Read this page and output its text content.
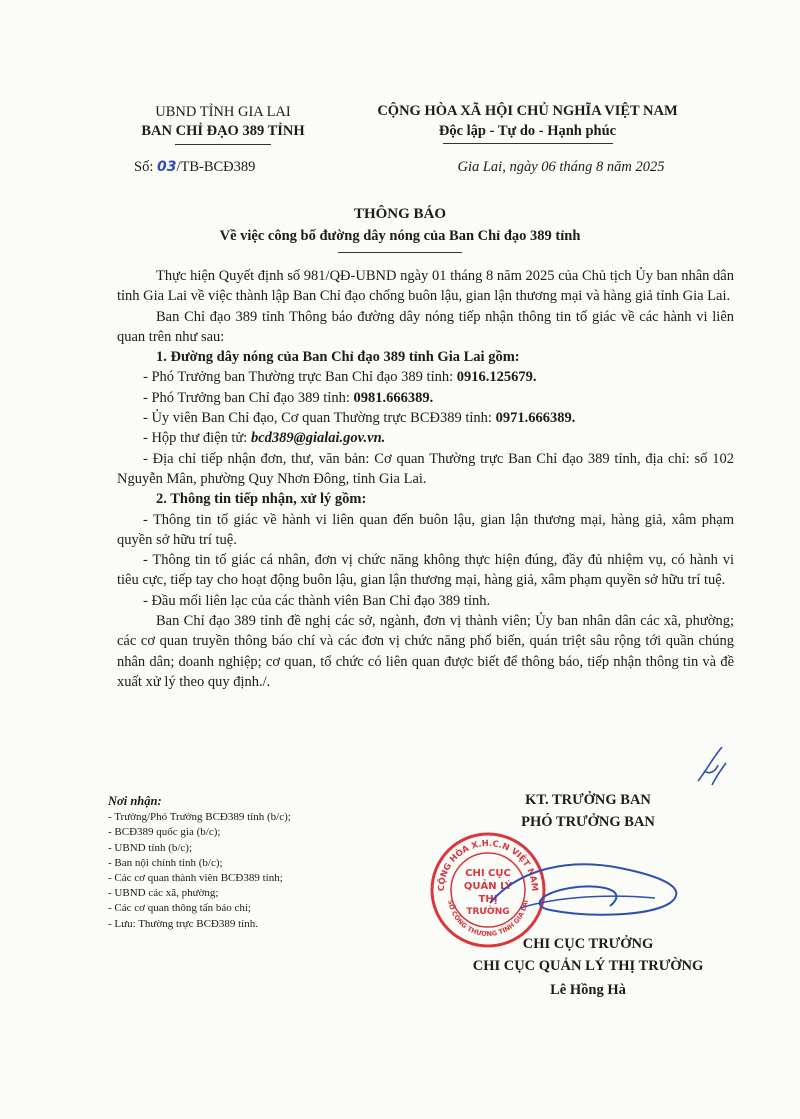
UBND TỈNH GIA LAI
BAN CHỈ ĐẠO 389 TỈNH
CỘNG HÒA XÃ HỘI CHỦ NGHĨA VIỆT NAM
Độc lập - Tự do - Hạnh phúc
Số: 03/TB-BCĐ389	Gia Lai, ngày 06 tháng 8 năm 2025
THÔNG BÁO
Về việc công bố đường dây nóng của Ban Chỉ đạo 389 tỉnh

Thực hiện Quyết định số 981/QĐ-UBND ngày 01 tháng 8 năm 2025 của Chủ tịch Ủy ban nhân dân tỉnh Gia Lai về việc thành lập Ban Chỉ đạo chống buôn lậu, gian lận thương mại và hàng giả tỉnh Gia Lai.

Ban Chỉ đạo 389 tỉnh Thông báo đường dây nóng tiếp nhận thông tin tố giác về các hành vi liên quan trên như sau:

1. Đường dây nóng của Ban Chỉ đạo 389 tỉnh Gia Lai gồm:

- Phó Trưởng ban Thường trực Ban Chỉ đạo 389 tỉnh: 0916.125679.

- Phó Trưởng ban Chỉ đạo 389 tỉnh: 0981.666389.

- Ủy viên Ban Chỉ đạo, Cơ quan Thường trực BCĐ389 tỉnh: 0971.666389.

- Hộp thư điện tử: bcd389@gialai.gov.vn.

- Địa chỉ tiếp nhận đơn, thư, văn bản: Cơ quan Thường trực Ban Chỉ đạo 389 tỉnh, địa chỉ: số 102 Nguyễn Mân, phường Quy Nhơn Đông, tỉnh Gia Lai.

2. Thông tin tiếp nhận, xử lý gồm:

- Thông tin tố giác về hành vi liên quan đến buôn lậu, gian lận thương mại, hàng giả, xâm phạm quyền sở hữu trí tuệ.

- Thông tin tố giác cá nhân, đơn vị chức năng không thực hiện đúng, đầy đủ nhiệm vụ, có hành vi tiêu cực, tiếp tay cho hoạt động buôn lậu, gian lận thương mại, hàng giả, xâm phạm quyền sở hữu trí tuệ.

- Đầu mối liên lạc của các thành viên Ban Chỉ đạo 389 tỉnh.

Ban Chỉ đạo 389 tỉnh đề nghị các sở, ngành, đơn vị thành viên; Ủy ban nhân dân các xã, phường; các cơ quan truyền thông báo chí và các đơn vị chức năng phổ biến, quán triệt sâu rộng tới quần chúng nhân dân; doanh nghiệp; cơ quan, tổ chức có liên quan được biết để thông báo, tiếp nhận thông tin và đề xuất xử lý theo quy định./.

Nơi nhận:
- Trưởng/Phó Trưởng BCĐ389 tỉnh (b/c);
- BCĐ389 quốc gia (b/c);
- UBND tỉnh (b/c);
- Ban nội chính tỉnh (b/c);
- Các cơ quan thành viên BCĐ389 tỉnh;
- UBND các xã, phường;
- Các cơ quan thông tấn báo chí;
- Lưu: Thường trực BCĐ389 tỉnh.
KT. TRƯỞNG BAN
PHÓ TRƯỞNG BAN
CỘNG HÒA X.H.C.N VIỆT NAM
SỞ CÔNG THƯƠNG TỈNH GIA LAI
CHI CỤC
QUẢN LÝ
THỊ
TRƯỜNG
CHI CỤC TRƯỞNG
CHI CỤC QUẢN LÝ THỊ TRƯỜNG
Lê Hồng Hà
